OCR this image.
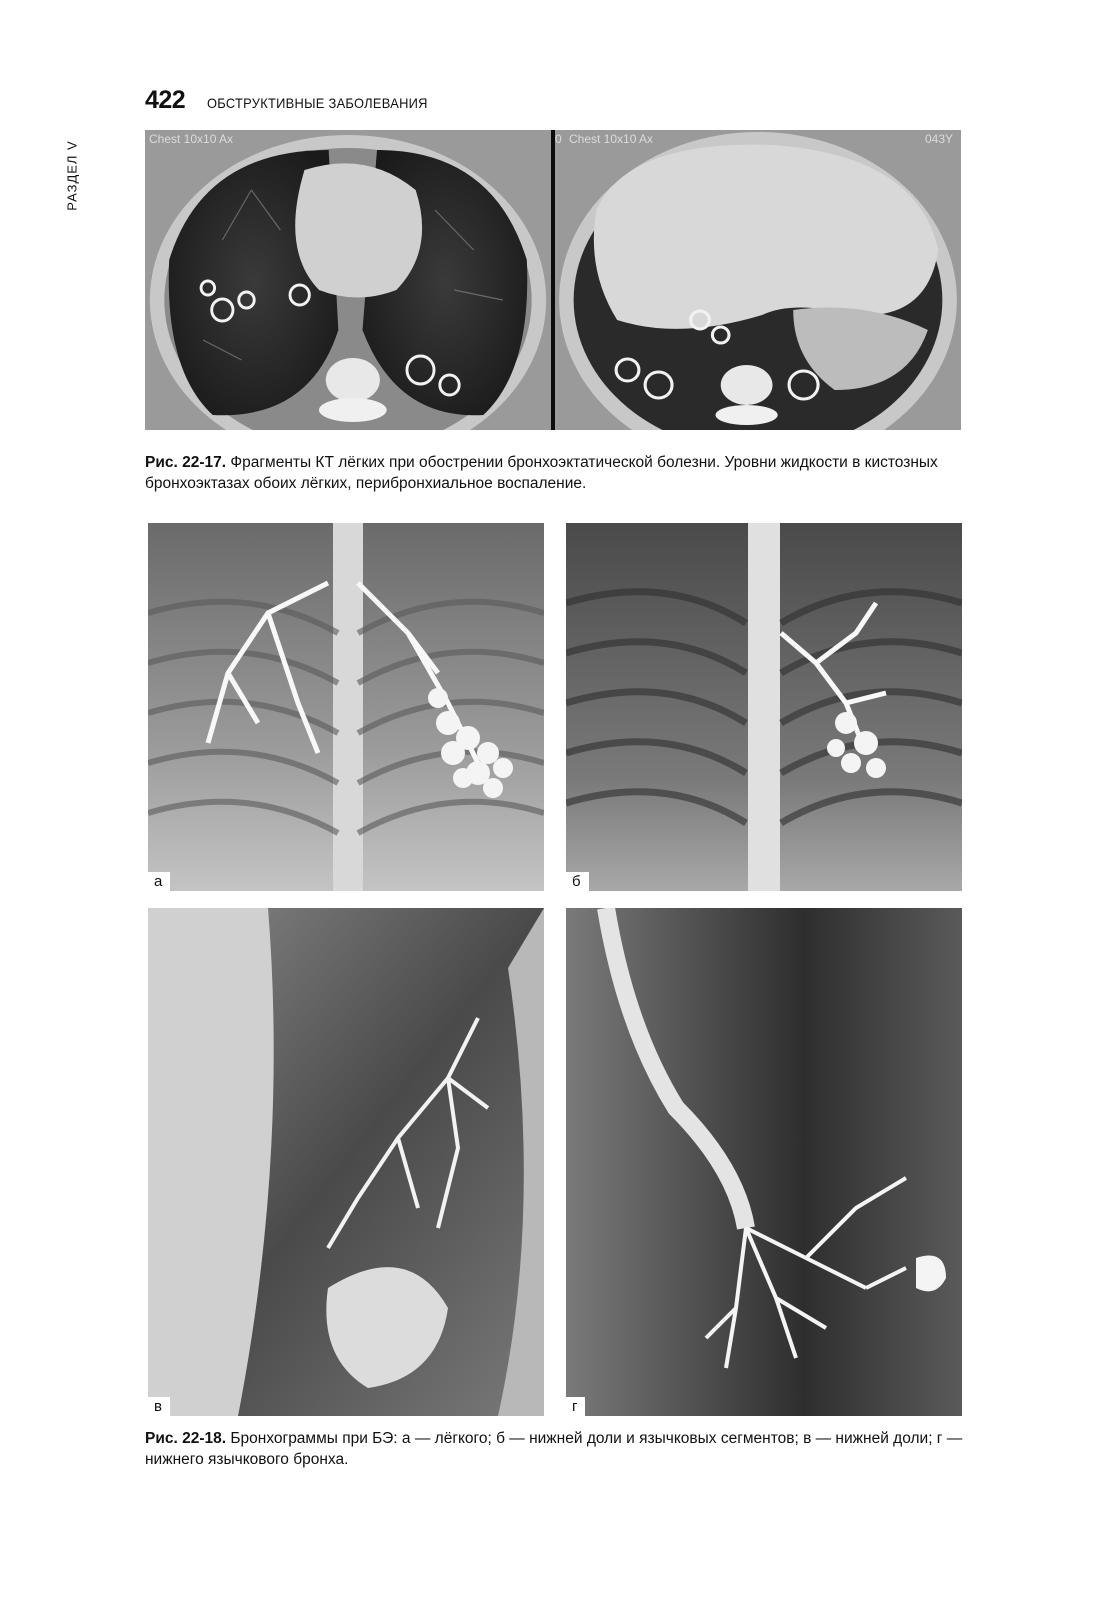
РАЗДЕЛ V
422 ОБСТРУКТИВНЫЕ ЗАБОЛЕВАНИЯ
Chest 10x10 Ax	0 Chest 10x10 Ax	043Y
Рис. 22-17. Фрагменты КТ лёгких при обострении бронхоэктатической болезни. Уровни жидкости в кистозных бронхоэктазах обоих лёгких, перибронхиальное воспаление.
а	б
в	г
Рис. 22-18. Бронхограммы при БЭ: а — лёгкого; б — нижней доли и язычковых сегментов; в — нижней доли; г — нижнего язычкового бронха.
